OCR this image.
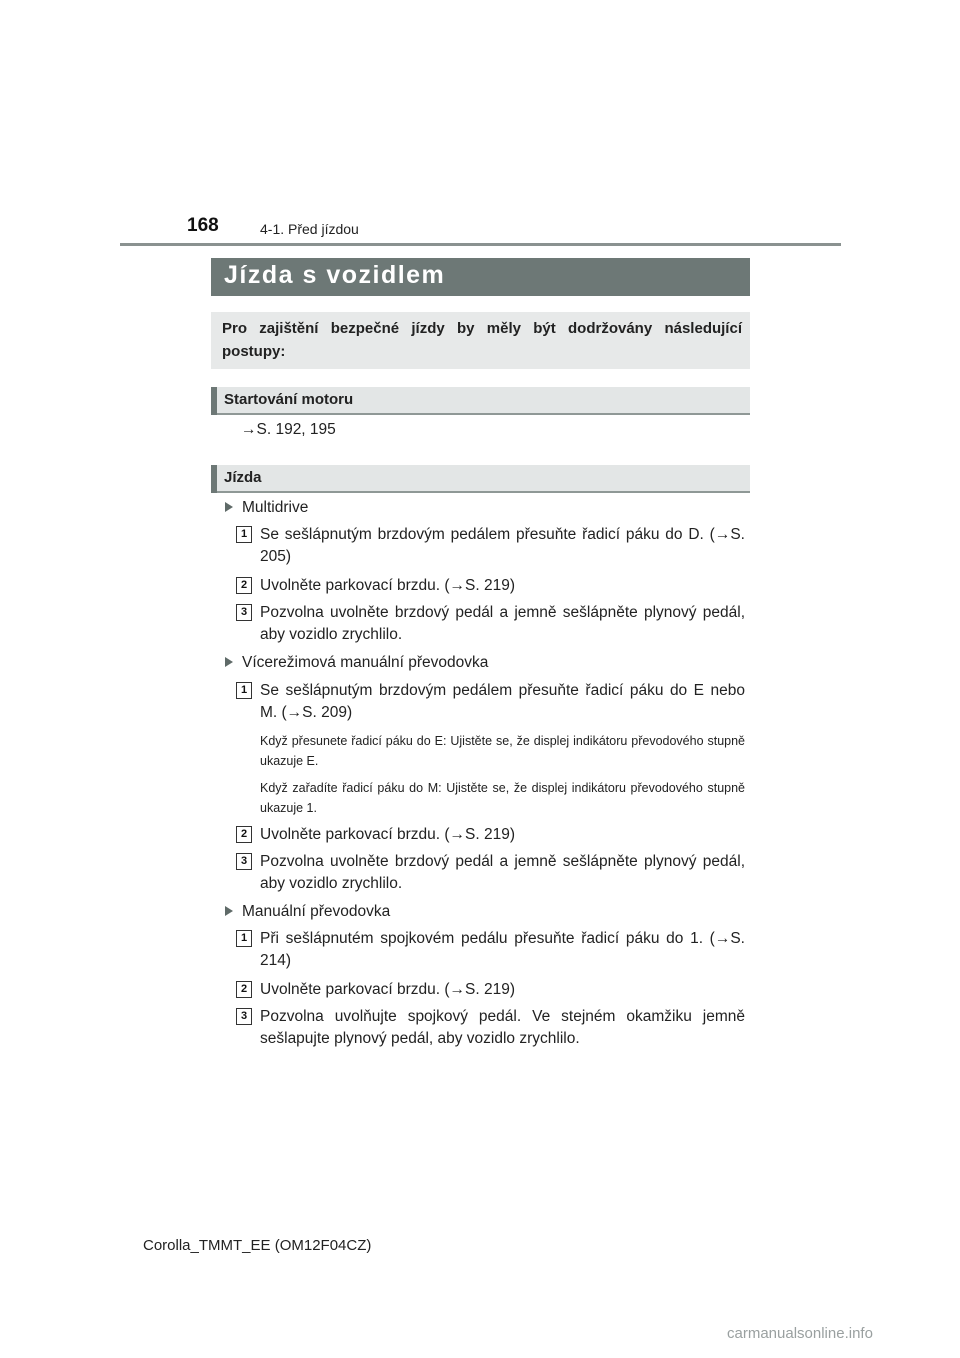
168	4-1. Před jízdou
Jízda s vozidlem
Pro zajištění bezpečné jízdy by měly být dodržovány následující postupy:
Startování motoru
→S. 192, 195
Jízda
Multidrive
1 Se sešlápnutým brzdovým pedálem přesuňte řadicí páku do D. (→S. 205)
2 Uvolněte parkovací brzdu. (→S. 219)
3 Pozvolna uvolněte brzdový pedál a jemně sešlápněte plynový pedál, aby vozidlo zrychlilo.
Vícerežimová manuální převodovka
1 Se sešlápnutým brzdovým pedálem přesuňte řadicí páku do E nebo M. (→S. 209)
Když přesunete řadicí páku do E: Ujistěte se, že displej indikátoru převodového stupně ukazuje E.
Když zařadíte řadicí páku do M: Ujistěte se, že displej indikátoru převodového stupně ukazuje 1.
2 Uvolněte parkovací brzdu. (→S. 219)
3 Pozvolna uvolněte brzdový pedál a jemně sešlápněte plynový pedál, aby vozidlo zrychlilo.
Manuální převodovka
1 Při sešlápnutém spojkovém pedálu přesuňte řadicí páku do 1. (→S. 214)
2 Uvolněte parkovací brzdu. (→S. 219)
3 Pozvolna uvolňujte spojkový pedál. Ve stejném okamžiku jemně sešlapujte plynový pedál, aby vozidlo zrychlilo.
Corolla_TMMT_EE (OM12F04CZ)
carmanualsonline.info
